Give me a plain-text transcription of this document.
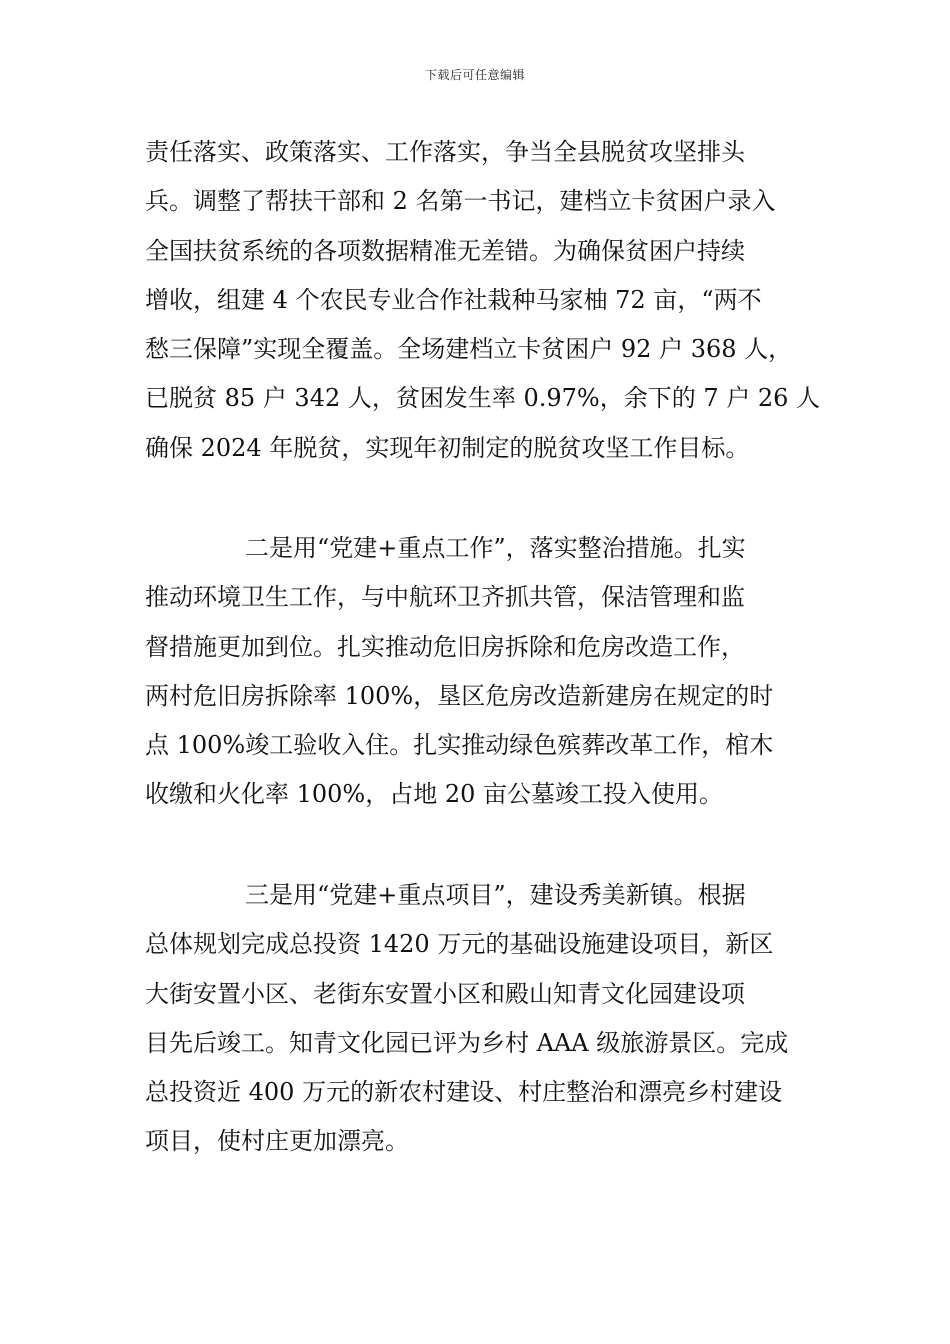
下载后可任意编辑
责任落实、政策落实、工作落实，争当全县脱贫攻坚排头
兵。调整了帮扶干部和 2 名第一书记，建档立卡贫困户录入
全国扶贫系统的各项数据精准无差错。为确保贫困户持续
增收，组建 4 个农民专业合作社栽种马家柚 72 亩，“两不
愁三保障”实现全覆盖。全场建档立卡贫困户 92 户 368 人，
已脱贫 85 户 342 人，贫困发生率 0.97%，余下的 7 户 26 人
确保 2024 年脱贫，实现年初制定的脱贫攻坚工作目标。
二是用“党建+重点工作”，落实整治措施。扎实
推动环境卫生工作，与中航环卫齐抓共管，保洁管理和监
督措施更加到位。扎实推动危旧房拆除和危房改造工作，
两村危旧房拆除率 100%，垦区危房改造新建房在规定的时
点 100%竣工验收入住。扎实推动绿色殡葬改革工作，棺木
收缴和火化率 100%，占地 20 亩公墓竣工投入使用。
三是用“党建+重点项目”，建设秀美新镇。根据
总体规划完成总投资 1420 万元的基础设施建设项目，新区
大街安置小区、老街东安置小区和殿山知青文化园建设项
目先后竣工。知青文化园已评为乡村 AAA 级旅游景区。完成
总投资近 400 万元的新农村建设、村庄整治和漂亮乡村建设
项目，使村庄更加漂亮。
